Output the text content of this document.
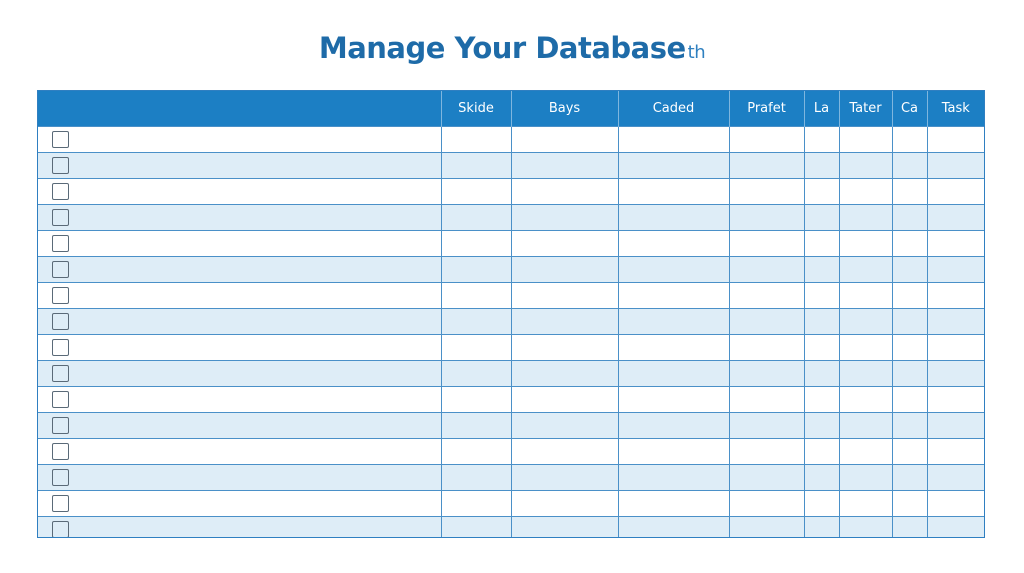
Manage Your Database th
	Skide	Bays	Caded	Prafet	La	Tater	Ca	Task
